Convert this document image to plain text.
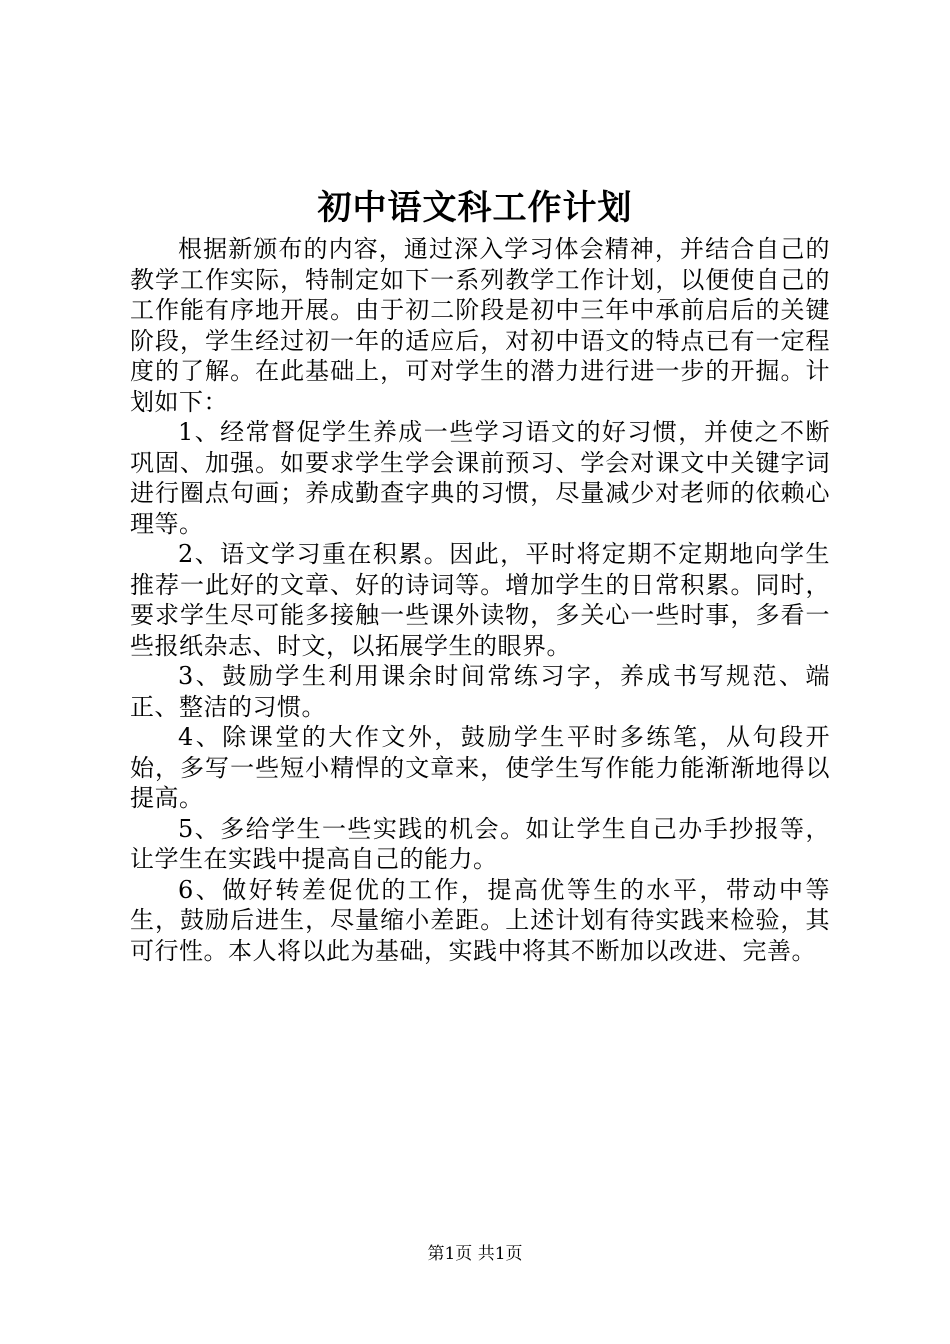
初中语文科工作计划

根据新颁布的内容，通过深入学习体会精神，并结合自己的教学工作实际，特制定如下一系列教学工作计划，以便使自己的工作能有序地开展。由于初二阶段是初中三年中承前启后的关键阶段，学生经过初一年的适应后，对初中语文的特点已有一定程度的了解。在此基础上，可对学生的潜力进行进一步的开掘。计划如下：

1、经常督促学生养成一些学习语文的好习惯，并使之不断巩固、加强。如要求学生学会课前预习、学会对课文中关键字词进行圈点句画；养成勤查字典的习惯，尽量减少对老师的依赖心理等。

2、语文学习重在积累。因此，平时将定期不定期地向学生推荐一此好的文章、好的诗词等。增加学生的日常积累。同时，要求学生尽可能多接触一些课外读物，多关心一些时事，多看一些报纸杂志、时文，以拓展学生的眼界。

3、鼓励学生利用课余时间常练习字，养成书写规范、端正、整洁的习惯。

4、除课堂的大作文外，鼓励学生平时多练笔，从句段开始，多写一些短小精悍的文章来，使学生写作能力能渐渐地得以提高。

5、多给学生一些实践的机会。如让学生自己办手抄报等，让学生在实践中提高自己的能力。

6、做好转差促优的工作，提高优等生的水平，带动中等生，鼓励后进生，尽量缩小差距。上述计划有待实践来检验，其可行性。本人将以此为基础，实践中将其不断加以改进、完善。

第1页 共1页
